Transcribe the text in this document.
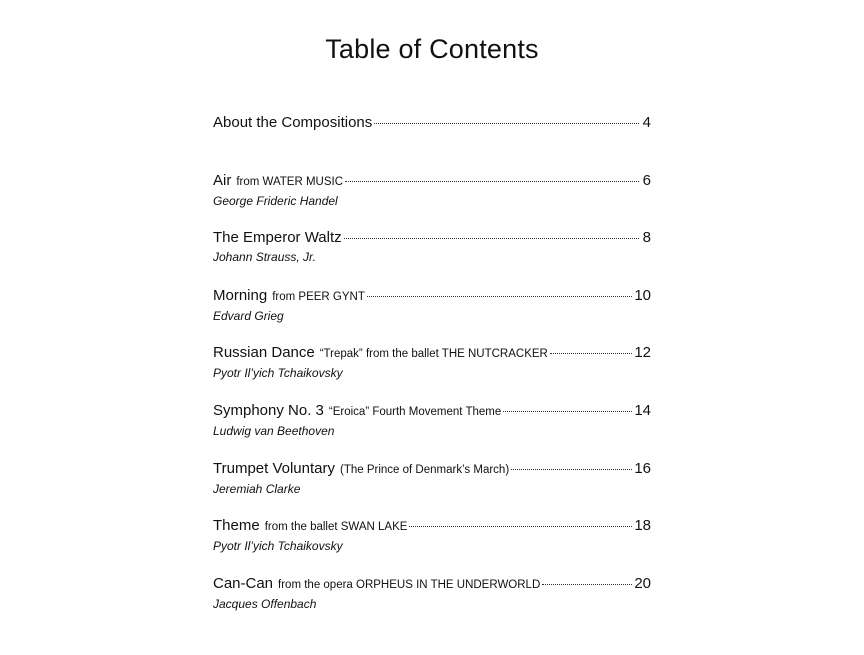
Table of Contents
About the Compositions	4
Air from WATER MUSIC	6
George Frideric Handel
The Emperor Waltz	8
Johann Strauss, Jr.
Morning from PEER GYNT	10
Edvard Grieg
Russian Dance “Trepak” from the ballet THE NUTCRACKER	12
Pyotr Il’yich Tchaikovsky
Symphony No. 3 “Eroica” Fourth Movement Theme	14
Ludwig van Beethoven
Trumpet Voluntary (The Prince of Denmark’s March)	16
Jeremiah Clarke
Theme from the ballet SWAN LAKE	18
Pyotr Il’yich Tchaikovsky
Can-Can from the opera ORPHEUS IN THE UNDERWORLD	20
Jacques Offenbach
